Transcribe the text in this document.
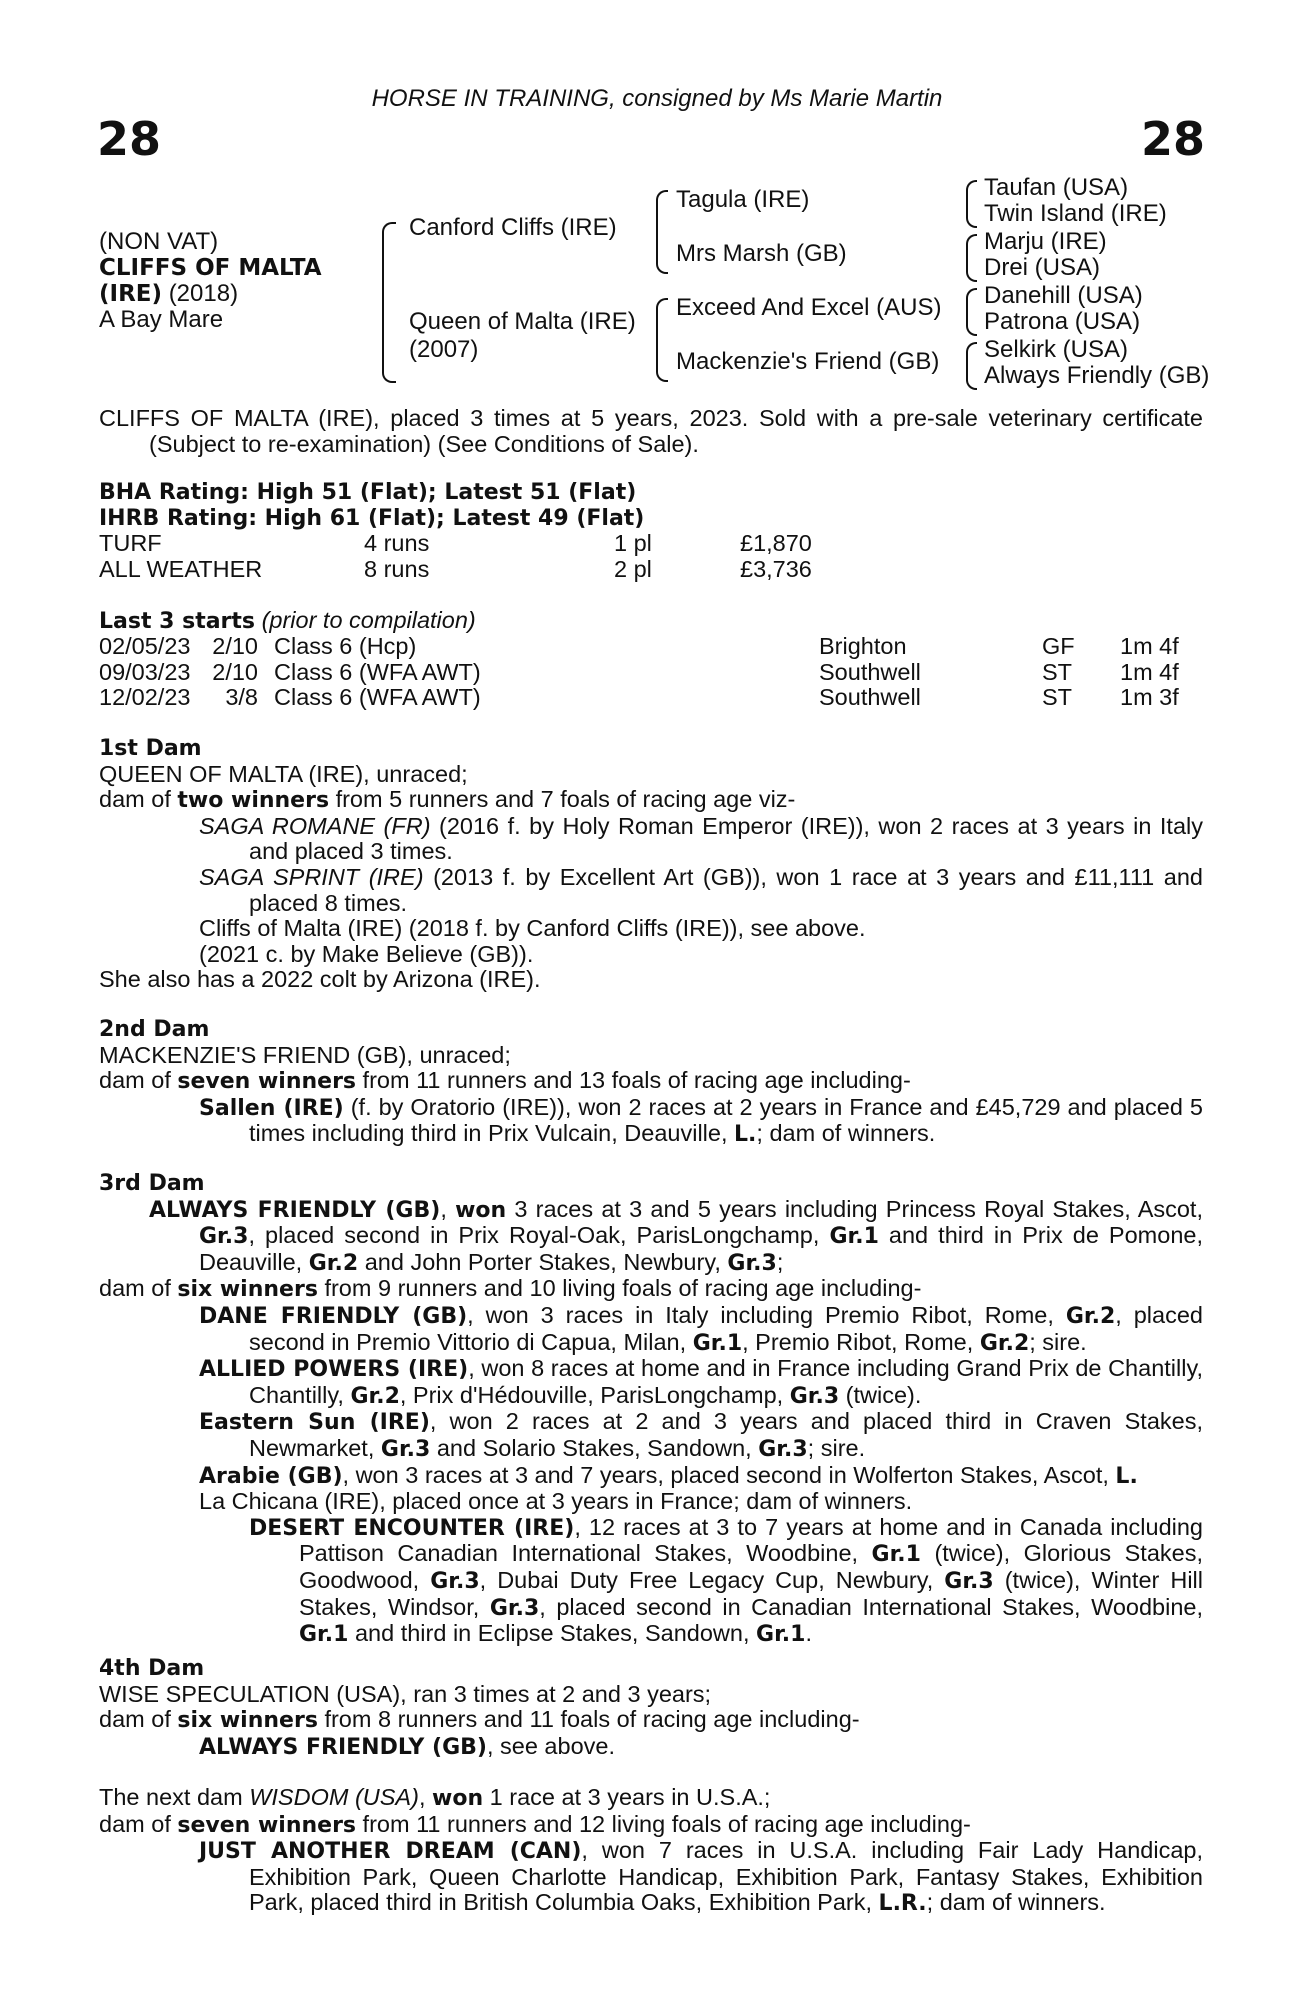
HORSE IN TRAINING, consigned by Ms Marie Martin
28	28
(NON VAT)
CLIFFS OF MALTA
(IRE) (2018)
A Bay Mare
Canford Cliffs (IRE)
Queen of Malta (IRE)
(2007)
Tagula (IRE)
Mrs Marsh (GB)
Exceed And Excel (AUS)
Mackenzie's Friend (GB)
Taufan (USA)
Twin Island (IRE)
Marju (IRE)
Drei (USA)
Danehill (USA)
Patrona (USA)
Selkirk (USA)
Always Friendly (GB)

CLIFFS OF MALTA (IRE), placed 3 times at 5 years, 2023. Sold with a pre-sale veterinary certificate (Subject to re-examination) (See Conditions of Sale).

BHA Rating: High 51 (Flat); Latest 51 (Flat)

IHRB Rating: High 61 (Flat); Latest 49 (Flat)

TURF	4 runs	1 pl	£1,870
ALL WEATHER	8 runs	2 pl	£3,736

Last 3 starts (prior to compilation)

02/05/23	2/10		Class 6 (Hcp)	Brighton	GF	1m 4f
09/03/23	2/10		Class 6 (WFA AWT)	Southwell	ST	1m 4f
12/02/23	3/8		Class 6 (WFA AWT)	Southwell	ST	1m 3f

1st Dam

QUEEN OF MALTA (IRE), unraced;

dam of two winners from 5 runners and 7 foals of racing age viz-

SAGA ROMANE (FR) (2016 f. by Holy Roman Emperor (IRE)), won 2 races at 3 years in Italy and placed 3 times.

SAGA SPRINT (IRE) (2013 f. by Excellent Art (GB)), won 1 race at 3 years and £11,111 and placed 8 times.

Cliffs of Malta (IRE) (2018 f. by Canford Cliffs (IRE)), see above.

(2021 c. by Make Believe (GB)).

She also has a 2022 colt by Arizona (IRE).

2nd Dam

MACKENZIE'S FRIEND (GB), unraced;

dam of seven winners from 11 runners and 13 foals of racing age including-

Sallen (IRE) (f. by Oratorio (IRE)), won 2 races at 2 years in France and £45,729 and placed 5 times including third in Prix Vulcain, Deauville, L.; dam of winners.

3rd Dam

ALWAYS FRIENDLY (GB), won 3 races at 3 and 5 years including Princess Royal Stakes, Ascot, Gr.3, placed second in Prix Royal-Oak, ParisLongchamp, Gr.1 and third in Prix de Pomone, Deauville, Gr.2 and John Porter Stakes, Newbury, Gr.3;

dam of six winners from 9 runners and 10 living foals of racing age including-

DANE FRIENDLY (GB), won 3 races in Italy including Premio Ribot, Rome, Gr.2, placed second in Premio Vittorio di Capua, Milan, Gr.1, Premio Ribot, Rome, Gr.2; sire.

ALLIED POWERS (IRE), won 8 races at home and in France including Grand Prix de Chantilly, Chantilly, Gr.2, Prix d'Hédouville, ParisLongchamp, Gr.3 (twice).

Eastern Sun (IRE), won 2 races at 2 and 3 years and placed third in Craven Stakes, Newmarket, Gr.3 and Solario Stakes, Sandown, Gr.3; sire.

Arabie (GB), won 3 races at 3 and 7 years, placed second in Wolferton Stakes, Ascot, L.

La Chicana (IRE), placed once at 3 years in France; dam of winners.

DESERT ENCOUNTER (IRE), 12 races at 3 to 7 years at home and in Canada including Pattison Canadian International Stakes, Woodbine, Gr.1 (twice), Glorious Stakes, Goodwood, Gr.3, Dubai Duty Free Legacy Cup, Newbury, Gr.3 (twice), Winter Hill Stakes, Windsor, Gr.3, placed second in Canadian International Stakes, Woodbine, Gr.1 and third in Eclipse Stakes, Sandown, Gr.1.

4th Dam

WISE SPECULATION (USA), ran 3 times at 2 and 3 years;

dam of six winners from 8 runners and 11 foals of racing age including-

ALWAYS FRIENDLY (GB), see above.

The next dam WISDOM (USA), won 1 race at 3 years in U.S.A.;

dam of seven winners from 11 runners and 12 living foals of racing age including-

JUST ANOTHER DREAM (CAN), won 7 races in U.S.A. including Fair Lady Handicap, Exhibition Park, Queen Charlotte Handicap, Exhibition Park, Fantasy Stakes, Exhibition Park, placed third in British Columbia Oaks, Exhibition Park, L.R.; dam of winners.
